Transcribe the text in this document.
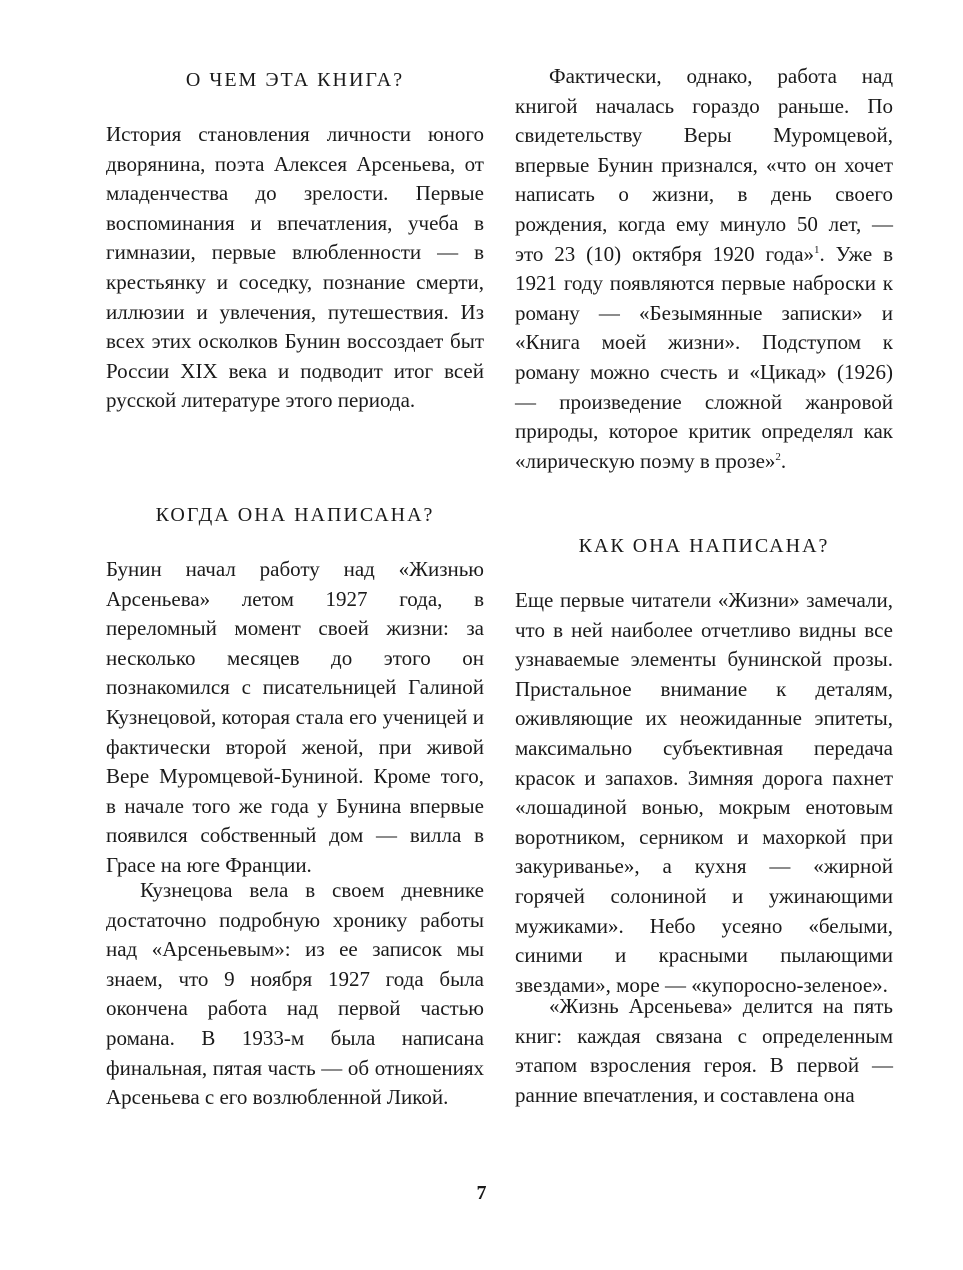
О ЧЕМ ЭТА КНИГА?

История становления личности юного дворянина, поэта Алексея Арсеньева, от младенчества до зрелости. Первые воспоминания и впечатления, учеба в гимназии, первые влюбленности — в крестьянку и соседку, познание смерти, иллюзии и увлечения, путешествия. Из всех этих осколков Бунин воссоздает быт России XIX века и подводит итог всей русской литературе этого периода.

КОГДА ОНА НАПИСАНА?

Бунин начал работу над «Жизнью Арсеньева» летом 1927 года, в переломный момент своей жизни: за несколько месяцев до этого он познакомился с писательницей Галиной Кузнецовой, которая стала его ученицей и фактически второй женой, при живой Вере Муромцевой-Буниной. Кроме того, в начале того же года у Бунина впервые появился собственный дом — вилла в Грасе на юге Франции.

Кузнецова вела в своем дневнике достаточно подробную хронику работы над «Арсеньевым»: из ее записок мы знаем, что 9 ноября 1927 года была окончена работа над первой частью романа. В 1933-м была написана финальная, пятая часть — об отношениях Арсеньева с его возлюбленной Ликой.

Фактически, однако, работа над книгой началась гораздо раньше. По свидетельству Веры Муромцевой, впервые Бунин признался, «что он хочет написать о жизни, в день своего рождения, когда ему минуло 50 лет, — это 23 (10) октября 1920 года»$^1$. Уже в 1921 году появляются первые наброски к роману — «Безымянные записки» и «Книга моей жизни». Подступом к роману можно счесть и «Цикад» (1926) — произведение сложной жанровой природы, которое критик определял как «лирическую поэму в прозе»$^2$.

КАК ОНА НАПИСАНА?

Еще первые читатели «Жизни» замечали, что в ней наиболее отчетливо видны все узнаваемые элементы бунинской прозы. Пристальное внимание к деталям, оживляющие их неожиданные эпитеты, максимально субъективная передача красок и запахов. Зимняя дорога пахнет «лошадиной вонью, мокрым енотовым воротником, серником и махоркой при закуриванье», а кухня — «жирной горячей солониной и ужинающими мужиками». Небо усеяно «белыми, синими и красными пылающими звездами», море — «купоросно-зеленое».

«Жизнь Арсеньева» делится на пять книг: каждая связана с определенным этапом взросления героя. В первой — ранние впечатления, и составлена она

7
